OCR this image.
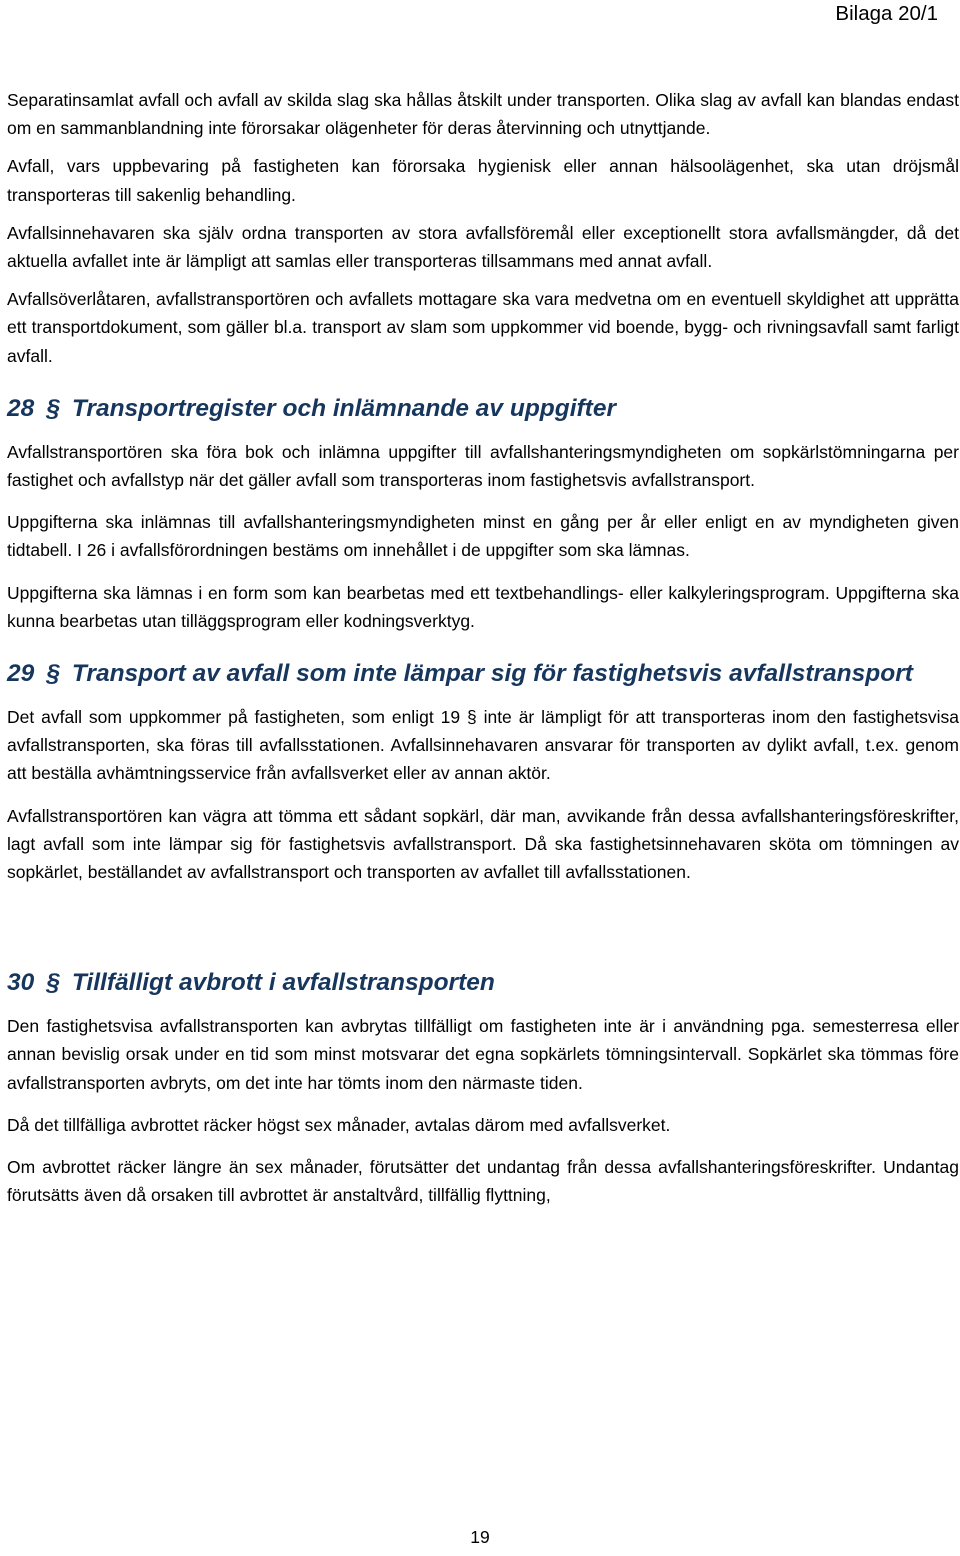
Bilaga 20/1

Separatinsamlat avfall och avfall av skilda slag ska hållas åtskilt under transporten. Olika slag av avfall kan blandas endast om en sammanblandning inte förorsakar olägenheter för deras återvinning och utnyttjande.

Avfall, vars uppbevaring på fastigheten kan förorsaka hygienisk eller annan hälsoolägenhet, ska utan dröjsmål transporteras till sakenlig behandling.

Avfallsinnehavaren ska själv ordna transporten av stora avfallsföremål eller exceptionellt stora avfallsmängder, då det aktuella avfallet inte är lämpligt att samlas eller transporteras tillsammans med annat avfall.

Avfallsöverlåtaren, avfallstransportören och avfallets mottagare ska vara medvetna om en eventuell skyldighet att upprätta ett transportdokument, som gäller bl.a. transport av slam som uppkommer vid boende, bygg- och rivningsavfall samt farligt avfall.

28 § Transportregister och inlämnande av uppgifter

Avfallstransportören ska föra bok och inlämna uppgifter till avfallshanteringsmyndigheten om sopkärlstömningarna per fastighet och avfallstyp när det gäller avfall som transporteras inom fastighetsvis avfallstransport.

Uppgifterna ska inlämnas till avfallshanteringsmyndigheten minst en gång per år eller enligt en av myndigheten given tidtabell. I 26 i avfallsförordningen bestäms om innehållet i de uppgifter som ska lämnas.

Uppgifterna ska lämnas i en form som kan bearbetas med ett textbehandlings- eller kalkyleringsprogram. Uppgifterna ska kunna bearbetas utan tilläggsprogram eller kodningsverktyg.

29 § Transport av avfall som inte lämpar sig för fastighetsvis avfallstransport

Det avfall som uppkommer på fastigheten, som enligt 19 § inte är lämpligt för att transporteras inom den fastighetsvisa avfallstransporten, ska föras till avfallsstationen. Avfallsinnehavaren ansvarar för transporten av dylikt avfall, t.ex. genom att beställa avhämtningsservice från avfallsverket eller av annan aktör.

Avfallstransportören kan vägra att tömma ett sådant sopkärl, där man, avvikande från dessa avfallshanteringsföreskrifter, lagt avfall som inte lämpar sig för fastighetsvis avfallstransport. Då ska fastighetsinnehavaren sköta om tömningen av sopkärlet, beställandet av avfallstransport och transporten av avfallet till avfallsstationen.

30 § Tillfälligt avbrott i avfallstransporten

Den fastighetsvisa avfallstransporten kan avbrytas tillfälligt om fastigheten inte är i användning pga. semesterresa eller annan bevislig orsak under en tid som minst motsvarar det egna sopkärlets tömningsintervall. Sopkärlet ska tömmas före avfallstransporten avbryts, om det inte har tömts inom den närmaste tiden.

Då det tillfälliga avbrottet räcker högst sex månader, avtalas därom med avfallsverket.

Om avbrottet räcker längre än sex månader, förutsätter det undantag från dessa avfallshanteringsföreskrifter. Undantag förutsätts även då orsaken till avbrottet är anstaltvård, tillfällig flyttning,

19
